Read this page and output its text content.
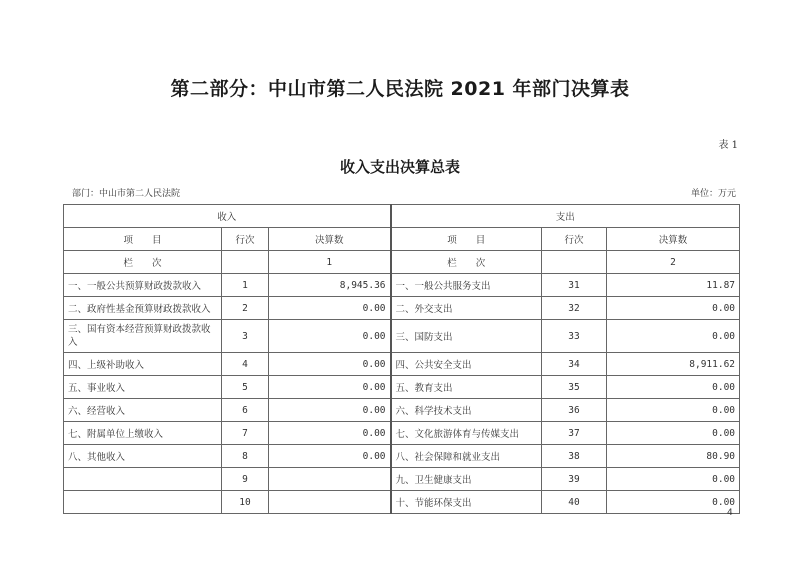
第二部分：中山市第二人民法院 2021 年部门决算表
表 1
收入支出决算总表
部门：中山市第二人民法院	单位：万元
收入			支出		
项　　目	行次	决算数	项　　目	行次	决算数
栏　　次		1	栏　　次		2
一、一般公共预算财政拨款收入	1	8,945.36	一、一般公共服务支出	31	11.87
二、政府性基金预算财政拨款收入	2	0.00	二、外交支出	32	0.00
三、国有资本经营预算财政拨款收入	3	0.00	三、国防支出	33	0.00
四、上级补助收入	4	0.00	四、公共安全支出	34	8,911.62
五、事业收入	5	0.00	五、教育支出	35	0.00
六、经营收入	6	0.00	六、科学技术支出	36	0.00
七、附属单位上缴收入	7	0.00	七、文化旅游体育与传媒支出	37	0.00
八、其他收入	8	0.00	八、社会保障和就业支出	38	80.90
	9		九、卫生健康支出	39	0.00
	10		十、节能环保支出	40	0.00
4
